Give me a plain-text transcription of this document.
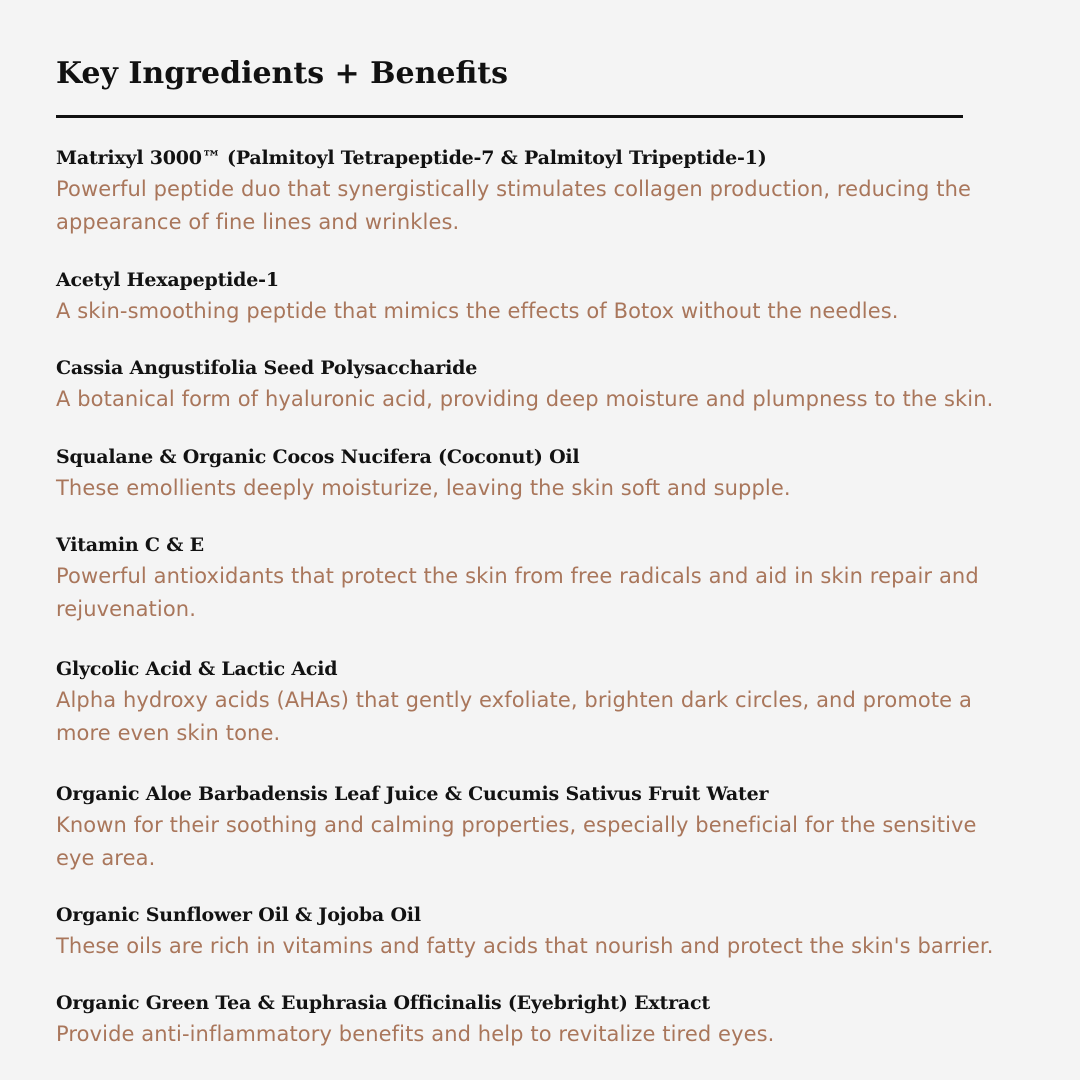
Key Ingredients + Benefits

Matrixyl 3000™ (Palmitoyl Tetrapeptide-7 & Palmitoyl Tripeptide-1)

Powerful peptide duo that synergistically stimulates collagen production, reducing the
appearance of fine lines and wrinkles.

Acetyl Hexapeptide-1

A skin-smoothing peptide that mimics the effects of Botox without the needles.

Cassia Angustifolia Seed Polysaccharide

A botanical form of hyaluronic acid, providing deep moisture and plumpness to the skin.

Squalane & Organic Cocos Nucifera (Coconut) Oil

These emollients deeply moisturize, leaving the skin soft and supple.

Vitamin C & E

Powerful antioxidants that protect the skin from free radicals and aid in skin repair and
rejuvenation.

Glycolic Acid & Lactic Acid

Alpha hydroxy acids (AHAs) that gently exfoliate, brighten dark circles, and promote a
more even skin tone.

Organic Aloe Barbadensis Leaf Juice & Cucumis Sativus Fruit Water

Known for their soothing and calming properties, especially beneficial for the sensitive
eye area.

Organic Sunflower Oil & Jojoba Oil

These oils are rich in vitamins and fatty acids that nourish and protect the skin's barrier.

Organic Green Tea & Euphrasia Officinalis (Eyebright) Extract

Provide anti-inflammatory benefits and help to revitalize tired eyes.
